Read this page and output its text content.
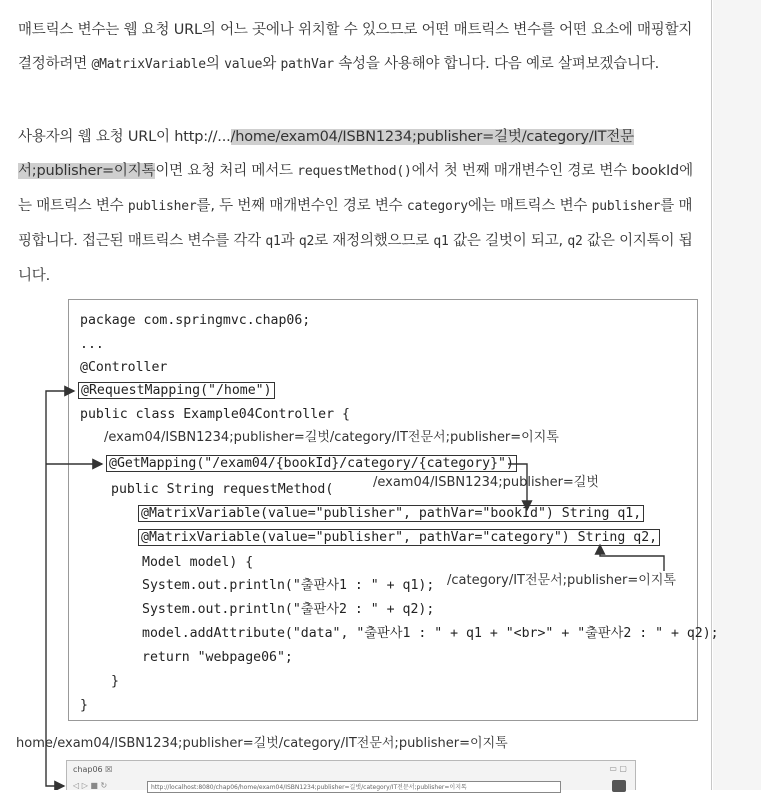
매트릭스 변수는 웹 요청 URL의 어느 곳에나 위치할 수 있으므로 어떤 매트릭스 변수를 어떤 요소에 매핑할지 결정하려면 @MatrixVariable의 value와 pathVar 속성을 사용해야 합니다. 다음 예로 살펴보겠습니다.

사용자의 웹 요청 URL이 http://.../home/exam04/ISBN1234;publisher=길벗/category/IT전문서;publisher=이지톡이면 요청 처리 메서드 requestMethod()에서 첫 번째 매개변수인 경로 변수 bookId에는 매트릭스 변수 publisher를, 두 번째 매개변수인 경로 변수 category에는 매트릭스 변수 publisher를 매핑합니다. 접근된 매트릭스 변수를 각각 q1과 q2로 재정의했으므로 q1 값은 길벗이 되고, q2 값은 이지톡이 됩니다.

package com.springmvc.chap06;
...
@Controller
@RequestMapping("/home")
public class Example04Controller {
/exam04/ISBN1234;publisher=길벗/category/IT전문서;publisher=이지톡
@GetMapping("/exam04/{bookId}/category/{category}")
public String requestMethod(	/exam04/ISBN1234;publisher=길벗
@MatrixVariable(value="publisher", pathVar="bookId") String q1,
@MatrixVariable(value="publisher", pathVar="category") String q2,
Model model) {
System.out.println("출판사1 : " + q1); /category/IT전문서;publisher=이지톡
System.out.println("출판사2 : " + q2);
model.addAttribute("data", "출판사1 : " + q1 + "<br>" + "출판사2 : " + q2);
return "webpage06";
}
}
home/exam04/ISBN1234;publisher=길벗/category/IT전문서;publisher=이지톡
chap06 ☒	▭ ▢
◁ ▷ ■ ↻	http://localhost:8080/chap06/home/exam04/ISBN1234;publisher=길벗/category/IT전문서;publisher=이지톡
